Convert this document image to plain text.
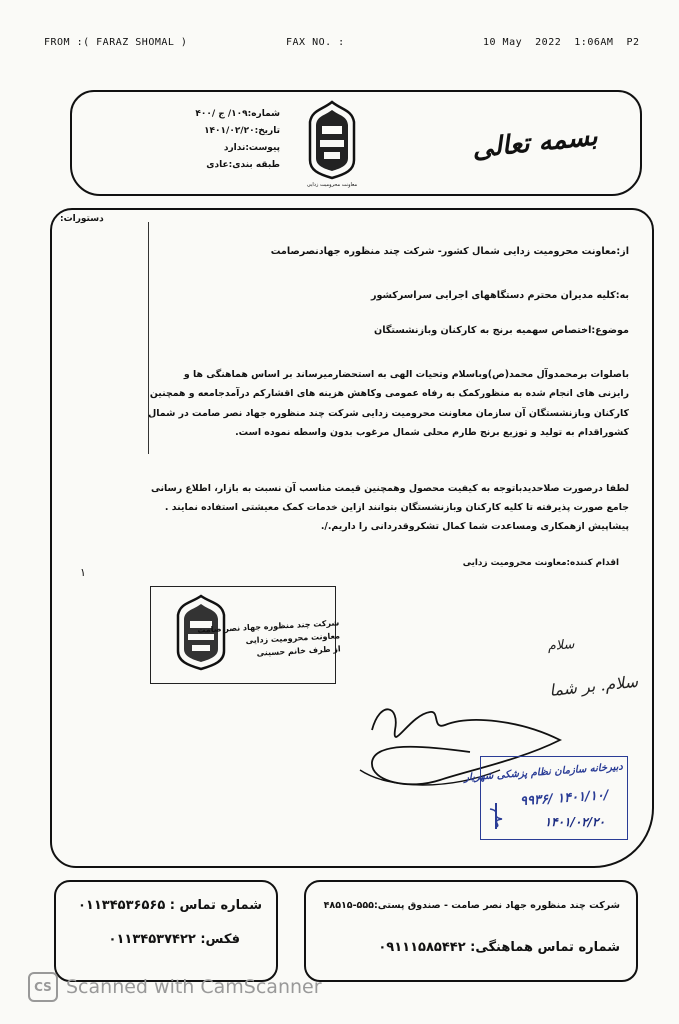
FROM :( FARAZ SHOMAL )	FAX NO. :	10 May  2022  1:06AM  P2
شماره:۱۰۹/ ج /۴۰۰
تاریخ:۱۴۰۱/۰۲/۲۰
پیوست:ندارد
طبقه بندی:عادی
معاونت محرومیت زدایی
بسمه تعالی
دستورات:
۱
از:معاونت محرومیت زدایی شمال کشور- شرکت چند منظوره جهادنصرصامت
به:کلیه مدیران محترم دستگاههای اجرایی سراسرکشور
موضوع:اختصاص سهمیه برنج به کارکنان وبازنشستگان

باصلوات برمحمدوآل محمد(ص)وباسلام وتحیات الهی به استحضارمیرساند بر اساس هماهنگی ها و

رایزنی های انجام شده به منظورکمک به رفاه عمومی وکاهش هزینه های اقشارکم درآمدجامعه و همچنین

کارکنان وبازنشستگان آن سازمان معاونت محرومیت زدایی شرکت چند منظوره جهاد نصر صامت در شمال

کشوراقدام به تولید و توزیع برنج طارم محلی شمال مرغوب بدون واسطه نموده است.

لطفا درصورت صلاحدیدباتوجه به کیفیت محصول وهمچنین قیمت مناسب آن نسبت به بازار، اطلاع رسانی

جامع صورت پذیرفته تا کلیه کارکنان وبازنشستگان بتوانند ازاین خدمات کمک معیشتی استفاده نمایند .

پیشاپیش ازهمکاری ومساعدت شما کمال تشکروقدردانی را داریم./.

اقدام کننده:معاونت محرومیت زدایی
شرکت چند منظوره جهاد نصر صامت
معاونت محرومیت زدایی
از طرف خانم حسینی	سلام
سلام. بر شما
دبیرخانه سازمان نظام پزشکی شهریار
۹۹۳۶/ ۱۴۰۱/۱۰/
۱۴۰۱/۰۲/۲۰
شماره تماس : ۰۱۱۳۴۵۳۶۵۶۵
فکس: ۰۱۱۳۴۵۳۷۴۲۲
شرکت چند منظوره جهاد نصر صامت - صندوق پستی:۵۵۵-۴۸۵۱۵
شماره تماس هماهنگی: ۰۹۱۱۱۵۸۵۴۴۲
CS Scanned with CamScanner
